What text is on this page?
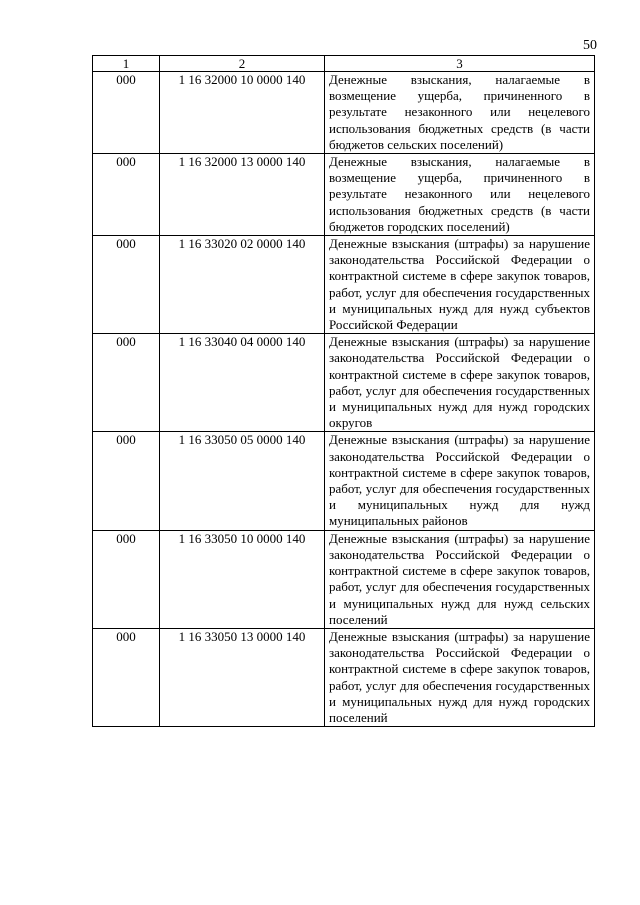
50
1	2	3
000	1 16 32000 10 0000 140	Денежные взыскания, налагаемые в возмещение ущерба, причиненного в результате незаконного или нецелевого использования бюджетных средств (в части бюджетов сельских поселений)
000	1 16 32000 13 0000 140	Денежные взыскания, налагаемые в возмещение ущерба, причиненного в результате незаконного или нецелевого использования бюджетных средств (в части бюджетов городских поселений)
000	1 16 33020 02 0000 140	Денежные взыскания (штрафы) за нарушение законодательства Российской Федерации о контрактной системе в сфере закупок товаров, работ, услуг для обеспечения государственных и муниципальных нужд для нужд субъектов Российской Федерации
000	1 16 33040 04 0000 140	Денежные взыскания (штрафы) за нарушение законодательства Российской Федерации о контрактной системе в сфере закупок товаров, работ, услуг для обеспечения государственных и муниципальных нужд для нужд городских округов
000	1 16 33050 05 0000 140	Денежные взыскания (штрафы) за нарушение законодательства Российской Федерации о контрактной системе в сфере закупок товаров, работ, услуг для обеспечения государственных и муниципальных нужд для нужд муниципальных районов
000	1 16 33050 10 0000 140	Денежные взыскания (штрафы) за нарушение законодательства Российской Федерации о контрактной системе в сфере закупок товаров, работ, услуг для обеспечения государственных и муниципальных нужд для нужд сельских поселений
000	1 16 33050 13 0000 140	Денежные взыскания (штрафы) за нарушение законодательства Российской Федерации о контрактной системе в сфере закупок товаров, работ, услуг для обеспечения государственных и муниципальных нужд для нужд городских поселений
